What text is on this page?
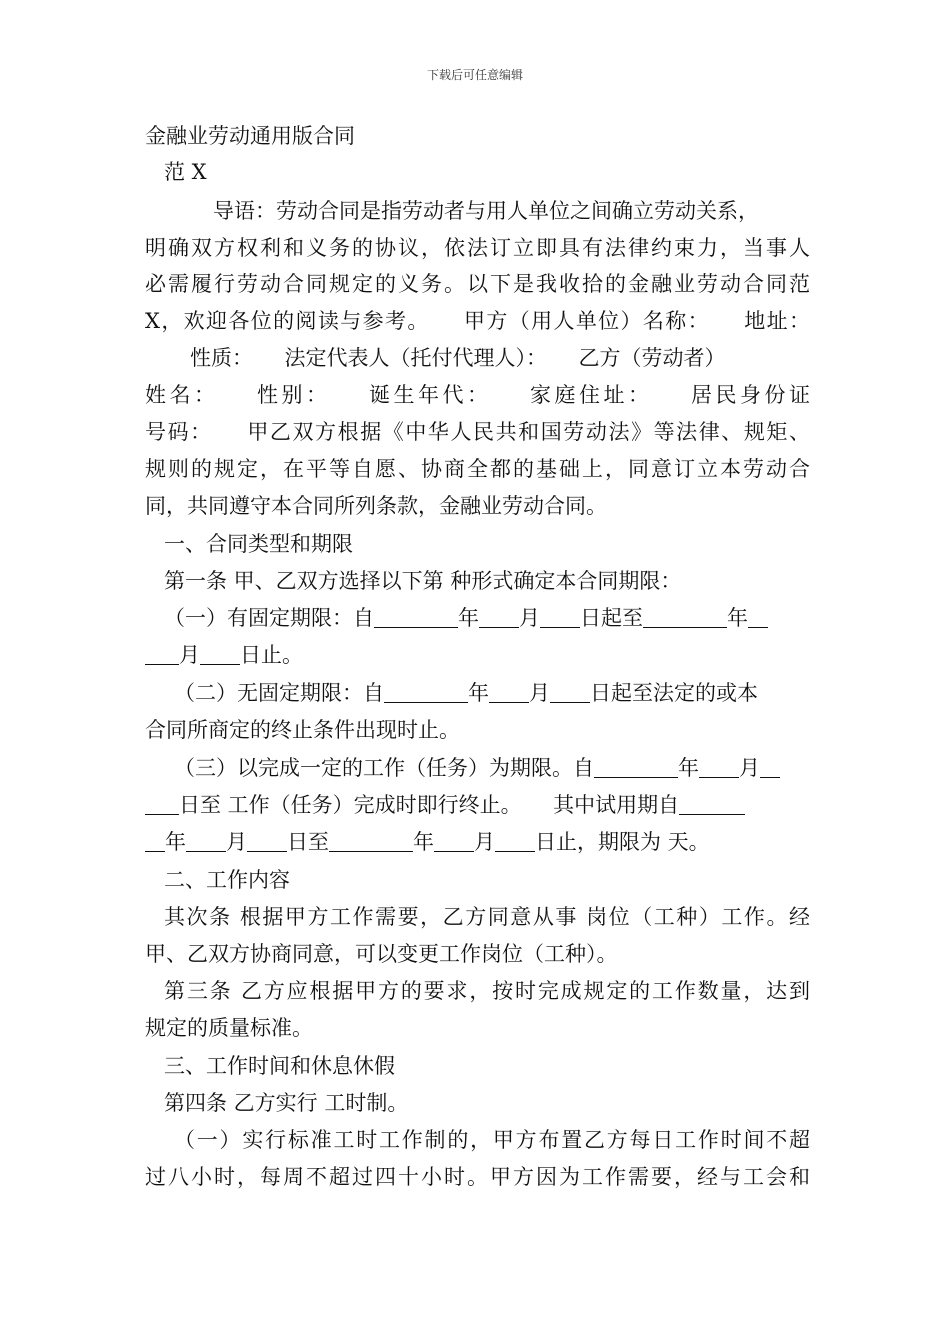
下载后可任意编辑
金融业劳动通用版合同
范 X
导语：劳动合同是指劳动者与用人单位之间确立劳动关系，
明确双方权利和义务的协议，依法订立即具有法律约束力，当事人
必需履行劳动合同规定的义务。以下是我收拾的金融业劳动合同范
X，欢迎各位的阅读与参考。　　甲方（用人单位）名称：　　地址：
性质：　　法定代表人（托付代理人）：　　乙方（劳动者）
姓名：　　性别：　　诞生年代：　　家庭住址：　　居民身份证
号码：　　甲乙双方根据《中华人民共和国劳动法》等法律、规矩、
规则的规定，在平等自愿、协商全都的基础上，同意订立本劳动合
同，共同遵守本合同所列条款，金融业劳动合同。
一、合同类型和期限
第一条 甲、乙双方选择以下第 种形式确定本合同期限：
（一）有固定期限：自	年 月 日起至	年
月 日止。
（二）无固定期限：自	年 月 日起至法定的或本
合同所商定的终止条件出现时止。
（三）以完成一定的工作（任务）为期限。自	年 月
日至 工作（任务）完成时即行终止。　　其中试用期自
年 月 日至	年 月 日止，期限为 天。
二、工作内容
其次条 根据甲方工作需要，乙方同意从事 岗位（工种）工作。经
甲、乙双方协商同意，可以变更工作岗位（工种）。
第三条 乙方应根据甲方的要求，按时完成规定的工作数量，达到
规定的质量标准。
三、工作时间和休息休假
第四条 乙方实行 工时制。
（一）实行标准工时工作制的，甲方布置乙方每日工作时间不超
过八小时，每周不超过四十小时。甲方因为工作需要，经与工会和
